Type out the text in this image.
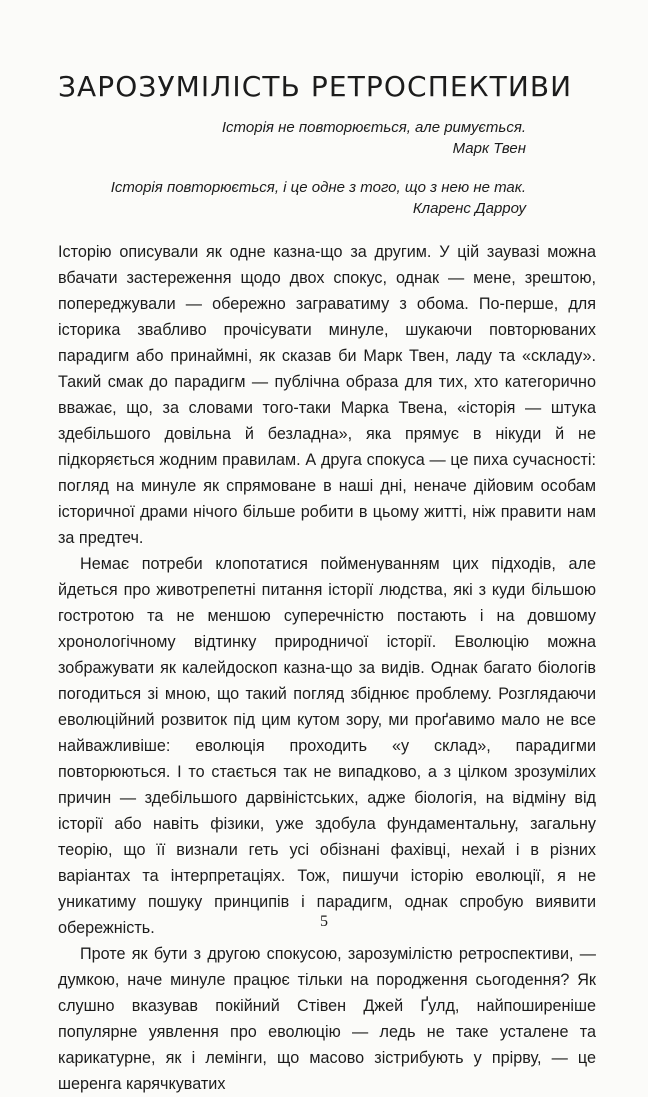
ЗАРОЗУМІЛІСТЬ РЕТРОСПЕКТИВИ
Історія не повторюється, але римується.
Марк Твен
Історія повторюється, і це одне з того, що з нею не так.
Кларенс Дарроу

Історію описували як одне казна-що за другим. У цій заувазі можна вбачати застереження щодо двох спокус, однак — мене, зрештою, попереджували — обережно заграватиму з обома. По-перше, для історика звабливо прочісувати минуле, шукаючи повторюваних парадигм або принаймні, як сказав би Марк Твен, ладу та «складу». Такий смак до парадигм — публічна образа для тих, хто категорично вважає, що, за словами того-таки Марка Твена, «історія — штука здебільшого довільна й безладна», яка прямує в нікуди й не підкоряється жодним правилам. А друга спокуса — це пиха сучасності: погляд на минуле як спрямоване в наші дні, неначе дійовим особам історичної драми нічого більше робити в цьому житті, ніж правити нам за предтеч.

Немає потреби клопотатися пойменуванням цих підходів, але йдеться про животрепетні питання історії людства, які з куди більшою гостротою та не меншою суперечністю постають і на довшому хронологічному відтинку природничої історії. Еволюцію можна зображувати як калейдоскоп казна-що за видів. Однак багато біологів погодиться зі мною, що такий погляд збіднює проблему. Розглядаючи еволюційний розвиток під цим кутом зору, ми проґавимо мало не все найважливіше: еволюція проходить «у склад», парадигми повторюються. І то стається так не випадково, а з цілком зрозумілих причин — здебільшого дарвіністських, адже біологія, на відміну від історії або навіть фізики, уже здобула фундаментальну, загальну теорію, що її визнали геть усі обізнані фахівці, нехай і в різних варіантах та інтерпретаціях. Тож, пишучи історію еволюції, я не уникатиму пошуку принципів і парадигм, однак спробую виявити обережність.

Проте як бути з другою спокусою, зарозумілістю ретроспективи, — думкою, наче минуле працює тільки на породження сьогодення? Як слушно вказував покійний Стівен Джей Ґулд, найпоширеніше популярне уявлення про еволюцію — ледь не таке усталене та карикатурне, як і лемінги, що масово зістрибують у прірву, — це шеренга карячкуватих

5
